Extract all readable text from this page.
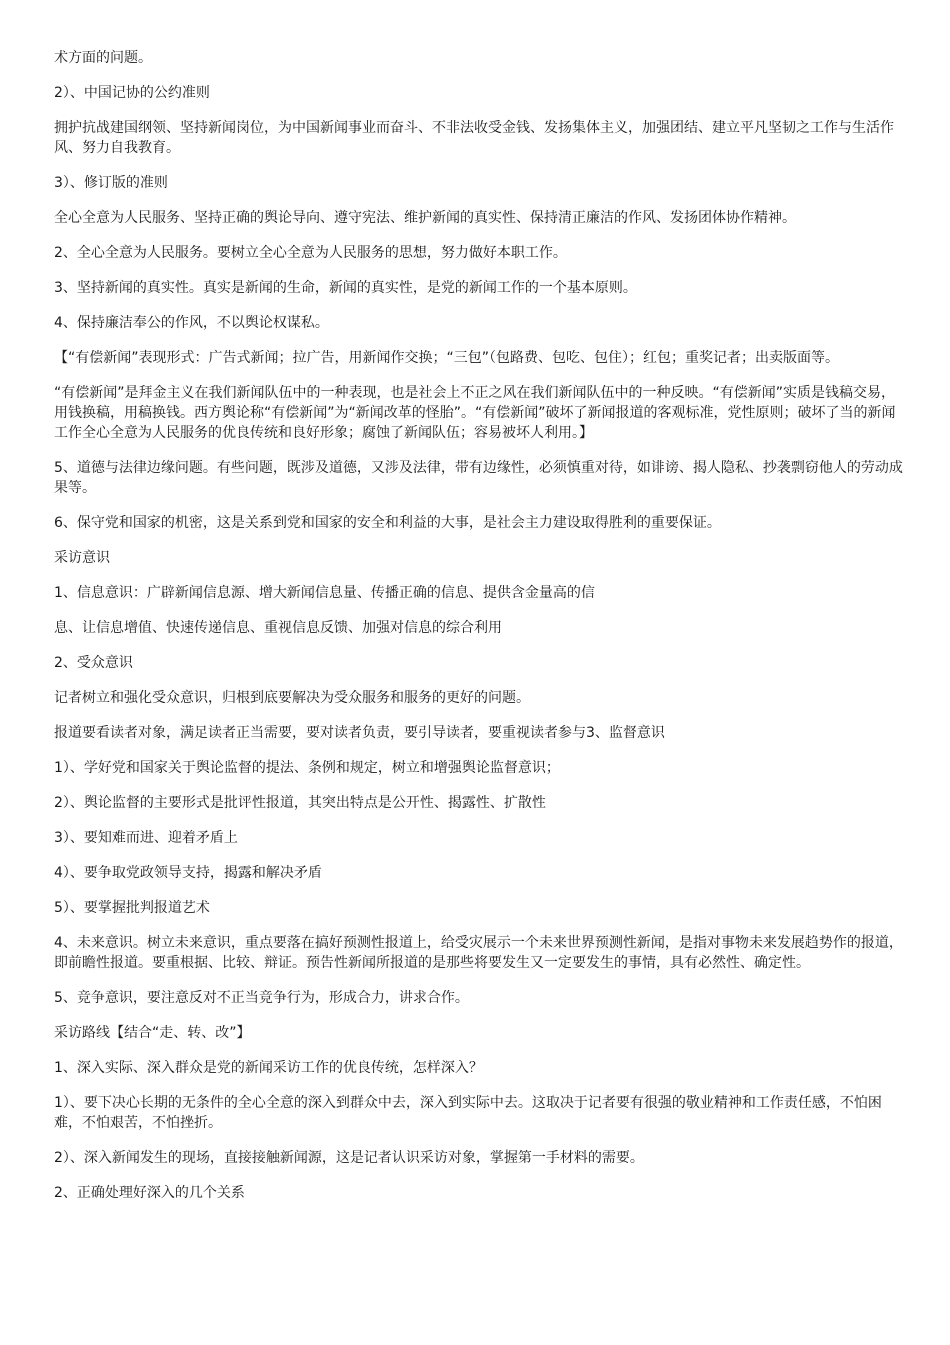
术方面的问题。

2）、中国记协的公约准则

拥护抗战建国纲领、坚持新闻岗位，为中国新闻事业而奋斗、不非法收受金钱、发扬集体主义，加强团结、建立平凡坚韧之工作与生活作风、努力自我教育。

3）、修订版的准则

全心全意为人民服务、坚持正确的舆论导向、遵守宪法、维护新闻的真实性、保持清正廉洁的作风、发扬团体协作精神。

2、全心全意为人民服务。要树立全心全意为人民服务的思想，努力做好本职工作。

3、坚持新闻的真实性。真实是新闻的生命，新闻的真实性，是党的新闻工作的一个基本原则。

4、保持廉洁奉公的作风，不以舆论权谋私。

【“有偿新闻”表现形式：广告式新闻；拉广告，用新闻作交换；“三包”（包路费、包吃、包住）；红包；重奖记者；出卖版面等。

“有偿新闻”是拜金主义在我们新闻队伍中的一种表现，也是社会上不正之风在我们新闻队伍中的一种反映。“有偿新闻”实质是钱稿交易，用钱换稿，用稿换钱。西方舆论称“有偿新闻”为“新闻改革的怪胎”。“有偿新闻”破坏了新闻报道的客观标准，党性原则；破坏了当的新闻工作全心全意为人民服务的优良传统和良好形象；腐蚀了新闻队伍；容易被坏人利用。】

5、道德与法律边缘问题。有些问题，既涉及道德，又涉及法律，带有边缘性，必须慎重对待，如诽谤、揭人隐私、抄袭剽窃他人的劳动成果等。

6、保守党和国家的机密，这是关系到党和国家的安全和利益的大事，是社会主力建设取得胜利的重要保证。

采访意识

1、信息意识：广辟新闻信息源、增大新闻信息量、传播正确的信息、提供含金量高的信

息、让信息增值、快速传递信息、重视信息反馈、加强对信息的综合利用

2、受众意识

记者树立和强化受众意识，归根到底要解决为受众服务和服务的更好的问题。

报道要看读者对象，满足读者正当需要，要对读者负责，要引导读者，要重视读者参与3、监督意识

1）、学好党和国家关于舆论监督的提法、条例和规定，树立和增强舆论监督意识；

2）、舆论监督的主要形式是批评性报道，其突出特点是公开性、揭露性、扩散性

3）、要知难而进、迎着矛盾上

4）、要争取党政领导支持，揭露和解决矛盾

5）、要掌握批判报道艺术

4、未来意识。树立未来意识，重点要落在搞好预测性报道上，给受灾展示一个未来世界预测性新闻，是指对事物未来发展趋势作的报道，即前瞻性报道。要重根据、比较、辩证。预告性新闻所报道的是那些将要发生又一定要发生的事情，具有必然性、确定性。

5、竞争意识，要注意反对不正当竞争行为，形成合力，讲求合作。

采访路线【结合“走、转、改”】

1、深入实际、深入群众是党的新闻采访工作的优良传统，怎样深入？

1）、要下决心长期的无条件的全心全意的深入到群众中去，深入到实际中去。这取决于记者要有很强的敬业精神和工作责任感，不怕困难，不怕艰苦，不怕挫折。

2）、深入新闻发生的现场，直接接触新闻源，这是记者认识采访对象，掌握第一手材料的需要。

2、正确处理好深入的几个关系
